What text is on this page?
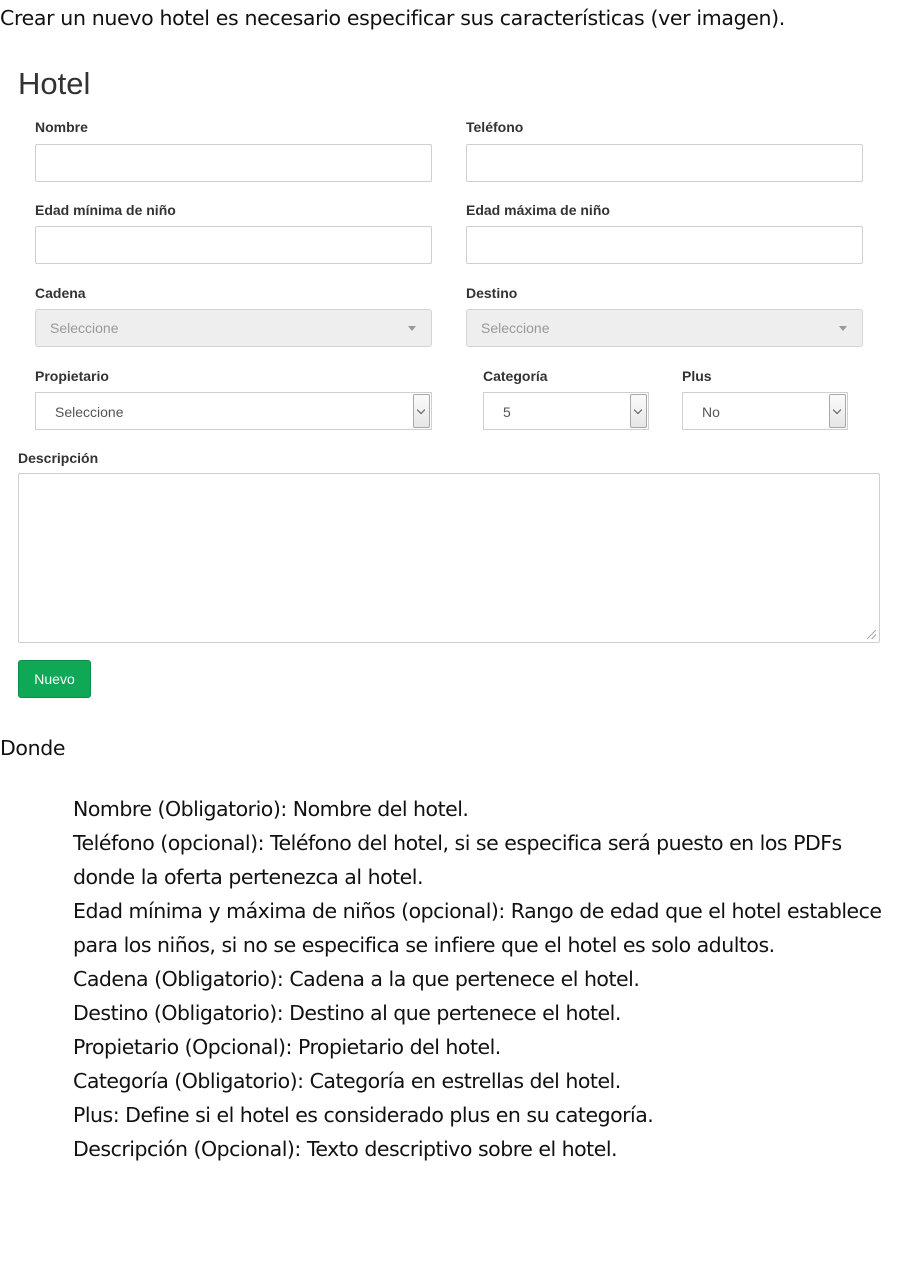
Crear un nuevo hotel es necesario especificar sus características (ver imagen).
Hotel
Nombre	Teléfono
Edad mínima de niño	Edad máxima de niño
Cadena
Seleccione
Destino
Seleccione
Propietario
Seleccione
Categoría
5
Plus
No
Descripción
Nuevo
Donde

Nombre (Obligatorio): Nombre del hotel.

Teléfono (opcional): Teléfono del hotel, si se especifica será puesto en los PDFs donde la oferta pertenezca al hotel.

Edad mínima y máxima de niños (opcional): Rango de edad que el hotel establece para los niños, si no se especifica se infiere que el hotel es solo adultos.

Cadena (Obligatorio): Cadena a la que pertenece el hotel.

Destino (Obligatorio): Destino al que pertenece el hotel.

Propietario (Opcional): Propietario del hotel.

Categoría (Obligatorio): Categoría en estrellas del hotel.

Plus: Define si el hotel es considerado plus en su categoría.

Descripción (Opcional): Texto descriptivo sobre el hotel.
